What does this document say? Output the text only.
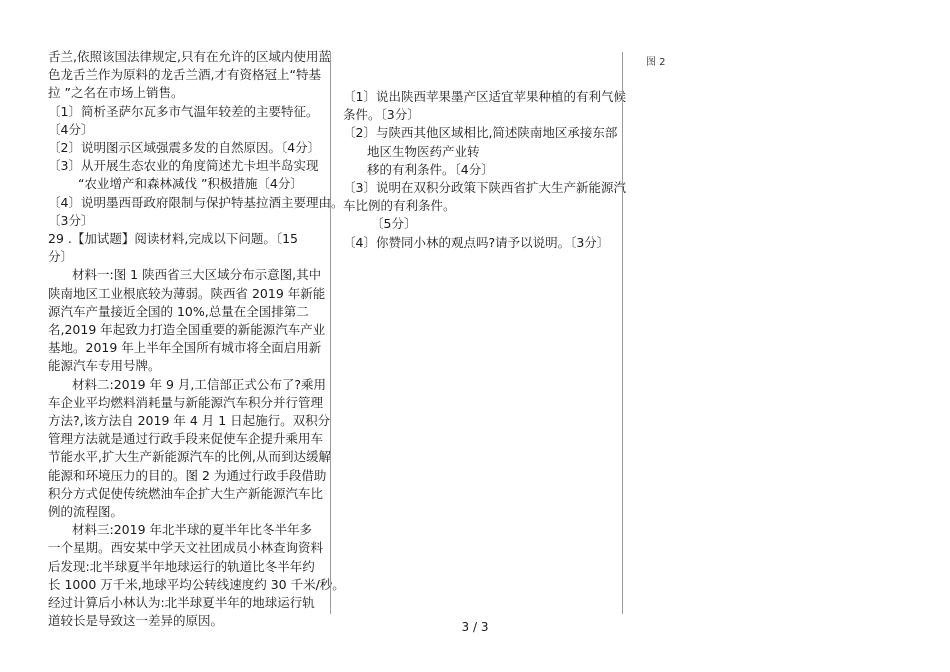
舌兰,依照该国法律规定,只有在允许的区域内使用蓝
色龙舌兰作为原料的龙舌兰酒,才有资格冠上“特基
拉 ”之名在市场上销售。
〔1〕简析圣萨尔瓦多市气温年较差的主要特征。
〔4分〕
〔2〕说明图示区域强震多发的自然原因。〔4分〕
〔3〕从开展生态农业的角度简述尤卡坦半岛实现
“农业增产和森林减伐 ”积极措施〔4分〕
〔4〕说明墨西哥政府限制与保护特基拉酒主要理由。
〔3分〕
29 .【加试题】阅读材料,完成以下问题。〔15
分〕
材料一:图 1 陕西省三大区域分布示意图,其中
陕南地区工业根底较为薄弱。陕西省 2019 年新能
源汽车产量接近全国的 10%,总量在全国排第二
名,2019 年起致力打造全国重要的新能源汽车产业
基地。2019 年上半年全国所有城市将全面启用新
能源汽车专用号牌。
材料二:2019 年 9 月,工信部正式公布了?乘用
车企业平均燃料消耗量与新能源汽车积分并行管理
方法?,该方法自 2019 年 4 月 1 日起施行。双积分
管理方法就是通过行政手段来促使车企提升乘用车
节能水平,扩大生产新能源汽车的比例,从而到达缓解
能源和环境压力的目的。图 2 为通过行政手段借助
积分方式促使传统燃油车企扩大生产新能源汽车比
例的流程图。
材料三:2019 年北半球的夏半年比冬半年多
一个星期。西安某中学天文社团成员小林查询资料
后发现:北半球夏半年地球运行的轨道比冬半年约
长 1000 万千米,地球平均公转线速度约 30 千米/秒。
经过计算后小林认为:北半球夏半年的地球运行轨
道较长是导致这一差异的原因。
〔1〕说出陕西苹果墨产区适宜苹果种植的有利气候
条件。〔3分〕
〔2〕与陕西其他区域相比,简述陕南地区承接东部
地区生物医药产业转
移的有利条件。〔4分〕
〔3〕说明在双积分政策下陕西省扩大生产新能源汽
车比例的有利条件。
〔5分〕
〔4〕你赞同小林的观点吗?请予以说明。〔3分〕
图 2
3 / 3
